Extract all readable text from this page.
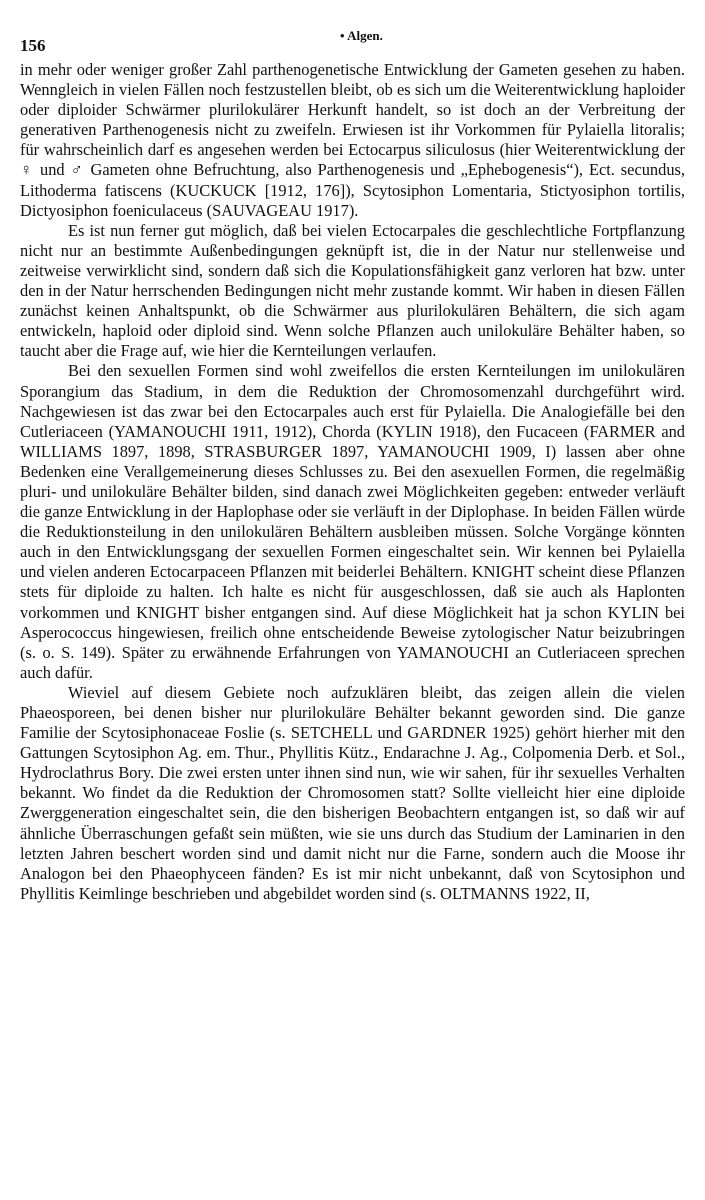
156
• Algen.

in mehr oder weniger großer Zahl parthenogenetische Entwicklung der Gameten gesehen zu haben. Wenngleich in vielen Fällen noch festzustellen bleibt, ob es sich um die Weiterentwicklung haploider oder diploider Schwärmer plurilokulärer Herkunft handelt, so ist doch an der Verbreitung der generativen Parthenogenesis nicht zu zweifeln. Erwiesen ist ihr Vorkommen für Pylaiella litoralis; für wahrscheinlich darf es angesehen werden bei Ectocarpus siliculosus (hier Weiterentwicklung der ♀ und ♂ Gameten ohne Befruchtung, also Parthenogenesis und „Ephebogenesis“), Ect. secundus, Lithoderma fatiscens (KUCKUCK [1912, 176]), Scytosiphon Lomentaria, Stictyosiphon tortilis, Dictyosiphon foeniculaceus (SAUVAGEAU 1917).

Es ist nun ferner gut möglich, daß bei vielen Ectocarpales die geschlechtliche Fortpflanzung nicht nur an bestimmte Außenbedingungen geknüpft ist, die in der Natur nur stellenweise und zeitweise verwirklicht sind, sondern daß sich die Kopulationsfähigkeit ganz verloren hat bzw. unter den in der Natur herrschenden Bedingungen nicht mehr zustande kommt. Wir haben in diesen Fällen zunächst keinen Anhaltspunkt, ob die Schwärmer aus plurilokulären Behältern, die sich agam entwickeln, haploid oder diploid sind. Wenn solche Pflanzen auch unilokuläre Behälter haben, so taucht aber die Frage auf, wie hier die Kernteilungen verlaufen.

Bei den sexuellen Formen sind wohl zweifellos die ersten Kernteilungen im unilokulären Sporangium das Stadium, in dem die Reduktion der Chromosomenzahl durchgeführt wird. Nachgewiesen ist das zwar bei den Ectocarpales auch erst für Pylaiella. Die Analogiefälle bei den Cutleriaceen (YAMANOUCHI 1911, 1912), Chorda (KYLIN 1918), den Fucaceen (FARMER and WILLIAMS 1897, 1898, STRASBURGER 1897, YAMANOUCHI 1909, I) lassen aber ohne Bedenken eine Verallgemeinerung dieses Schlusses zu. Bei den asexuellen Formen, die regelmäßig pluri- und unilokuläre Behälter bilden, sind danach zwei Möglichkeiten gegeben: entweder verläuft die ganze Entwicklung in der Haplophase oder sie verläuft in der Diplophase. In beiden Fällen würde die Reduktionsteilung in den unilokulären Behältern ausbleiben müssen. Solche Vorgänge könnten auch in den Entwicklungsgang der sexuellen Formen eingeschaltet sein. Wir kennen bei Pylaiella und vielen anderen Ectocarpaceen Pflanzen mit beiderlei Behältern. KNIGHT scheint diese Pflanzen stets für diploide zu halten. Ich halte es nicht für ausgeschlossen, daß sie auch als Haplonten vorkommen und KNIGHT bisher entgangen sind. Auf diese Möglichkeit hat ja schon KYLIN bei Asperococcus hingewiesen, freilich ohne entscheidende Beweise zytologischer Natur beizubringen (s. o. S. 149). Später zu erwähnende Erfahrungen von YAMANOUCHI an Cutleriaceen sprechen auch dafür.

Wieviel auf diesem Gebiete noch aufzuklären bleibt, das zeigen allein die vielen Phaeosporeen, bei denen bisher nur plurilokuläre Behälter bekannt geworden sind. Die ganze Familie der Scytosiphonaceae Foslie (s. SETCHELL und GARDNER 1925) gehört hierher mit den Gattungen Scytosiphon Ag. em. Thur., Phyllitis Kütz., Endarachne J. Ag., Colpomenia Derb. et Sol., Hydroclathrus Bory. Die zwei ersten unter ihnen sind nun, wie wir sahen, für ihr sexuelles Verhalten bekannt. Wo findet da die Reduktion der Chromosomen statt? Sollte vielleicht hier eine diploide Zwerggeneration eingeschaltet sein, die den bisherigen Beobachtern entgangen ist, so daß wir auf ähnliche Überraschungen gefaßt sein müßten, wie sie uns durch das Studium der Laminarien in den letzten Jahren beschert worden sind und damit nicht nur die Farne, sondern auch die Moose ihr Analogon bei den Phaeophyceen fänden? Es ist mir nicht unbekannt, daß von Scytosiphon und Phyllitis Keimlinge beschrieben und abgebildet worden sind (s. OLTMANNS 1922, II,
